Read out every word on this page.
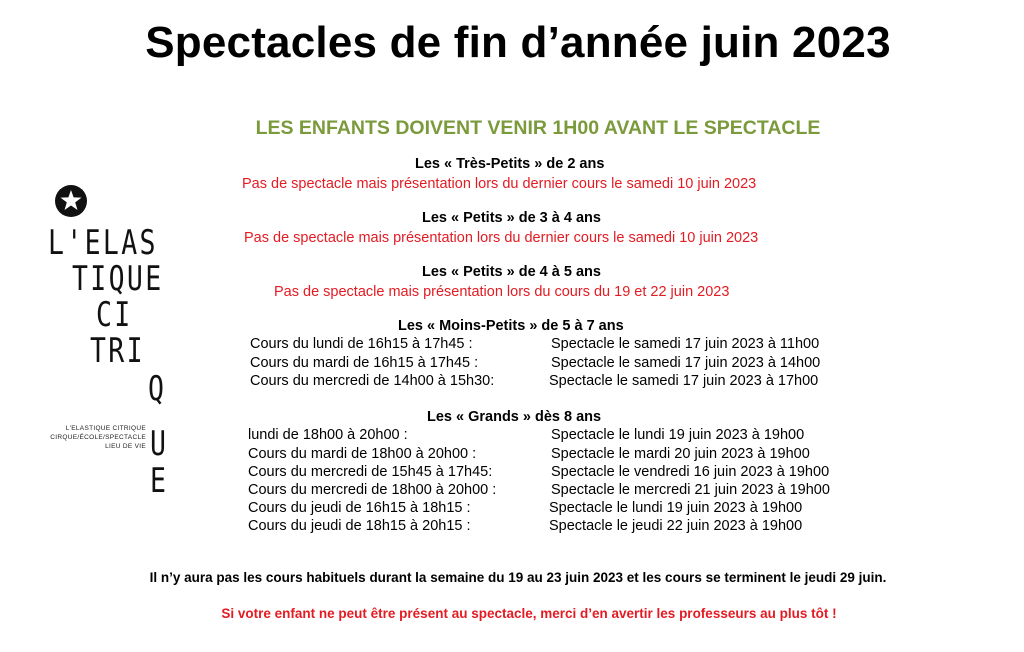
Spectacles de fin d’année juin 2023
LES ENFANTS DOIVENT VENIR 1H00 AVANT LE SPECTACLE
L'ELAS
TIQUE
CI
TRI
Q
U
E
L'ELASTIQUE CITRIQUE
CIRQUE/ÉCOLE/SPECTACLE
LIEU DE VIE
Les « Très-Petits » de 2 ans
Pas de spectacle mais présentation lors du dernier cours le samedi 10 juin 2023
Les « Petits » de 3 à 4 ans
Pas de spectacle mais présentation lors du dernier cours le samedi 10 juin 2023
Les « Petits » de 4 à 5 ans
Pas de spectacle mais présentation lors du cours du 19 et 22 juin 2023
Les « Moins-Petits » de 5 à 7 ans
Cours du lundi de 16h15 à 17h45 :	Spectacle le samedi 17 juin 2023 à 11h00
Cours du mardi de 16h15 à 17h45 :	Spectacle le samedi 17 juin 2023 à 14h00
Cours du mercredi de 14h00 à 15h30:	Spectacle le samedi 17 juin 2023 à 17h00
Les « Grands » dès 8 ans
lundi de 18h00 à 20h00 :	Spectacle le lundi 19 juin 2023 à 19h00
Cours du mardi de 18h00 à 20h00 :	Spectacle le mardi 20 juin 2023 à 19h00
Cours du mercredi de 15h45 à 17h45:	Spectacle le vendredi 16 juin 2023 à 19h00
Cours du mercredi de 18h00 à 20h00 :	Spectacle le mercredi 21 juin 2023 à 19h00
Cours du jeudi de 16h15 à 18h15 :	Spectacle le lundi 19 juin 2023 à 19h00
Cours du jeudi de 18h15 à 20h15 :	Spectacle le jeudi 22 juin 2023 à 19h00
Il n’y aura pas les cours habituels durant la semaine du 19 au 23 juin 2023 et les cours se terminent le jeudi 29 juin.
Si votre enfant ne peut être présent au spectacle, merci d’en avertir les professeurs au plus tôt !
